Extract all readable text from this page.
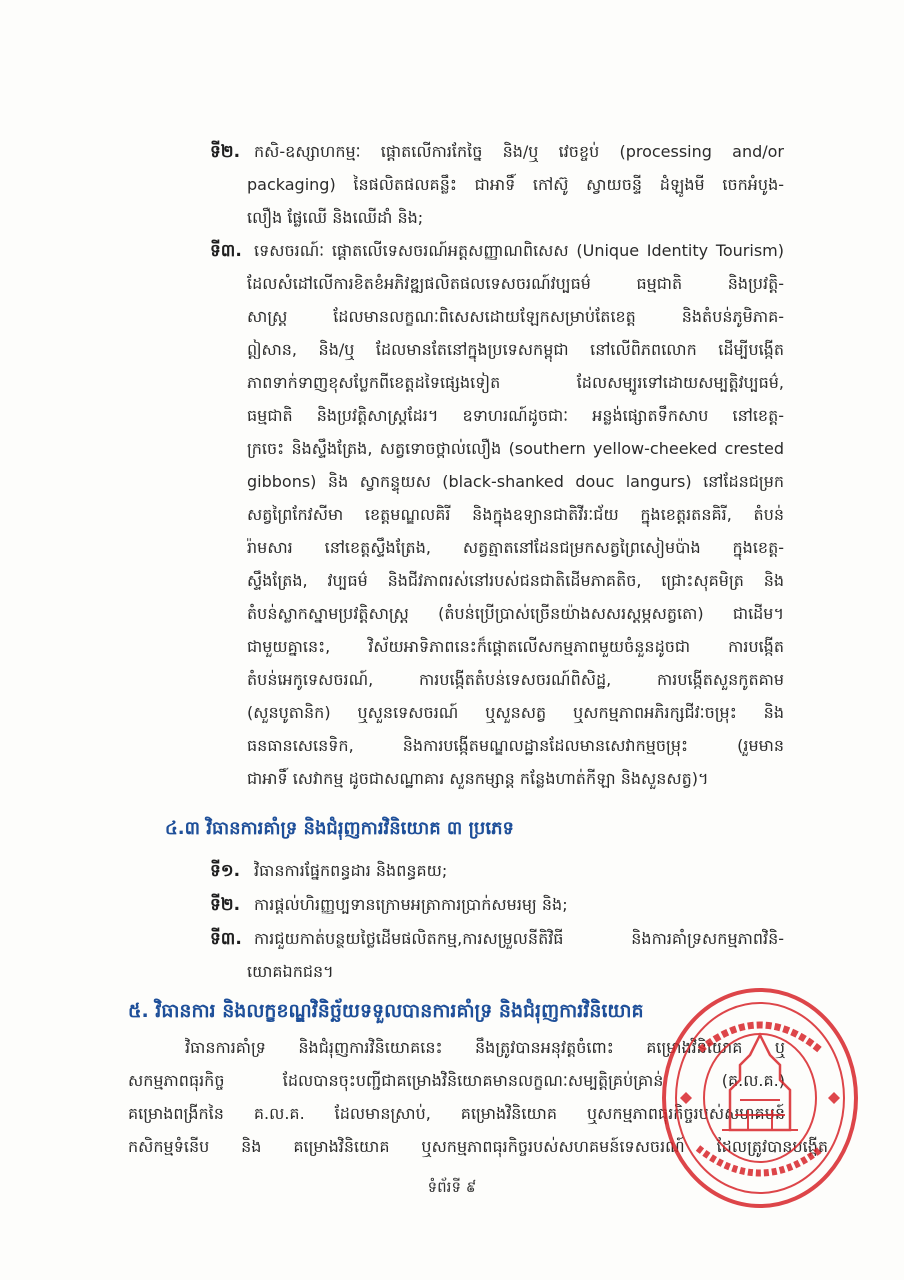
ទី២. កសិ-ឧស្សាហកម្មៈ ផ្តោតលើការកែច្នៃ និង/ឬ វេចខ្ចប់ (processing and/or
packaging) នៃផលិតផលគន្លឹះ ជាអាទិ៍ កៅស៊ូ ស្វាយចន្ទី ដំឡូងមី ចេកអំបូង-
លឿង ផ្លែឈើ និងឈើដាំ និង;
ទី៣. ទេសចរណ៍ៈ ផ្តោតលើទេសចរណ៍អត្តសញ្ញាណពិសេស (Unique Identity Tourism)
ដែលសំដៅលើការខិតខំអភិវឌ្ឍផលិតផលទេសចរណ៍វប្បធម៌ ធម្មជាតិ និងប្រវត្តិ-
សាស្ត្រ ដែលមានលក្ខណៈពិសេសដោយឡែកសម្រាប់តែខេត្ត និងតំបន់ភូមិភាគ-
ឦសាន, និង/ឬ ដែលមានតែនៅក្នុងប្រទេសកម្ពុជា នៅលើពិភពលោក ដើម្បីបង្កើត
ភាពទាក់ទាញខុសប្លែកពីខេត្តដទៃផ្សេងទៀត ដែលសម្បូរទៅដោយសម្បត្តិវប្បធម៌,
ធម្មជាតិ និងប្រវត្តិសាស្ត្រដែរ។ ឧទាហរណ៍ដូចជាៈ អន្លង់ផ្សោតទឹកសាប នៅខេត្ត-
ក្រចេះ និងស្ទឹងត្រែង, សត្វទោចថ្ពាល់លឿង (southern yellow-cheeked crested
gibbons) និង ស្វាកន្ទុយស (black-shanked douc langurs) នៅដែនជម្រក
សត្វព្រៃកែវសីមា ខេត្តមណ្ឌលគិរី និងក្នុងឧទ្យានជាតិវីរៈជ័យ ក្នុងខេត្តរតនគិរី, តំបន់
រ៉ាមសារ នៅខេត្តស្ទឹងត្រែង, សត្វត្មាតនៅដែនជម្រកសត្វព្រៃសៀមប៉ាង ក្នុងខេត្ត-
ស្ទឹងត្រែង, វប្បធម៌ និងជីវភាពរស់នៅរបស់ជនជាតិដើមភាគតិច, ជ្រោះសុគមិត្រ និង
តំបន់ស្លាកស្នាមប្រវត្តិសាស្ត្រ (តំបន់ប្រើប្រាស់ច្រើនយ៉ាងសសរស្តម្ភសត្វតោ) ជាដើម។
ជាមួយគ្នានេះ, វិស័យអាទិភាពនេះក៏ផ្តោតលើសកម្មភាពមួយចំនួនដូចជា ការបង្កើត
តំបន់អេកូទេសចរណ៍, ការបង្កើតតំបន់ទេសចរណ៍ពិសិដ្ឋ, ការបង្កើតសួនកូតគាម
(សួនបូតានិក) ឬសួនទេសចរណ៍ ឬសួនសត្វ ឬសកម្មភាពអភិរក្សជីវៈចម្រុះ និង
ធនធានសេនេទិក, និងការបង្កើតមណ្ឌលដ្ឋានដែលមានសេវាកម្មចម្រុះ (រួមមាន
ជាអាទិ៍ សេវាកម្ម ដូចជាសណ្ឋាគារ សួនកម្សាន្ត កន្លែងហាត់កីឡា និងសួនសត្វ)។
៤.៣ វិធានការគាំទ្រ និងជំរុញការវិនិយោគ ៣ ប្រភេទ
ទី១. វិធានការផ្នែកពន្ធដារ និងពន្ធគយ;
ទី២. ការផ្តល់ហិរញ្ញប្បទានក្រោមអត្រាការប្រាក់សមរម្យ និង;
ទី៣. ការជួយកាត់បន្ថយថ្លៃដើមផលិតកម្ម,ការសម្រួលនីតិវិធី និងការគាំទ្រសកម្មភាពវិនិ-
យោគឯកជន។
៥. វិធានការ និងលក្ខខណ្ឌវិនិច្ឆ័យទទួលបានការគាំទ្រ និងជំរុញការវិនិយោគ
វិធានការគាំទ្រ និងជំរុញការវិនិយោគនេះ នឹងត្រូវបានអនុវត្តចំពោះ គម្រោងវិនិយោគ ឬ
សកម្មភាពធុរកិច្ច ដែលបានចុះបញ្ជីជាគម្រោងវិនិយោគមានលក្ខណៈសម្បត្តិគ្រប់គ្រាន់ (គ.ល.គ.)
គម្រោងពង្រីកនៃ គ.ល.គ. ដែលមានស្រាប់, គម្រោងវិនិយោគ ឬសកម្មភាពធុរកិច្ចរបស់សហគមន៍
កសិកម្មទំនើប និង គម្រោងវិនិយោគ ឬសកម្មភាពធុរកិច្ចរបស់សហគមន៍ទេសចរណ៍ ដែលត្រូវបានបង្កើត
ទំព័រទី ៩
